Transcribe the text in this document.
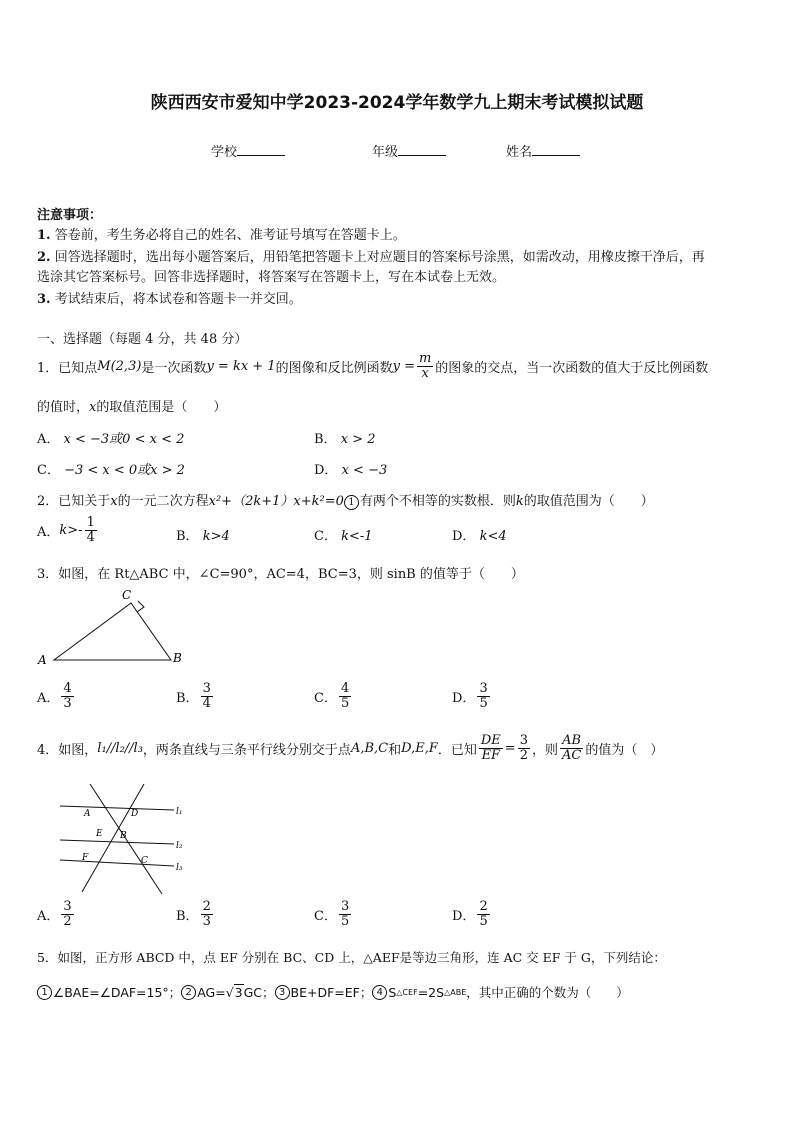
陕西西安市爱知中学2023-2024学年数学九上期末考试模拟试题
学校	年级	姓名
注意事项：
1. 答卷前，考生务必将自己的姓名、准考证号填写在答题卡上。
2. 回答选择题时，选出每小题答案后，用铅笔把答题卡上对应题目的答案标号涂黑，如需改动，用橡皮擦干净后，再
选涂其它答案标号。回答非选择题时，将答案写在答题卡上，写在本试卷上无效。
3. 考试结束后，将本试卷和答题卡一并交回。
一、选择题（每题 4 分，共 48 分）
1．已知点 M(2,3) 是一次函数 y = kx + 1 的图像和反比例函数 $y = \frac{m}{x}$ 的图象的交点，当一次函数的值大于反比例函数
的值时，x的取值范围是（　　）
A． x < −3或0 < x < 2	B． x > 2
C． −3 < x < 0或x > 2	D． x < −3
2．已知关于x的一元二次方程x²+（2k+1）x+k²=0 1 有两个不相等的实数根．则k的取值范围为（　　）
A． $k>- \frac{1}{4}$	B． k>4	C． k<-1	D． k<4
3．如图，在 Rt△ABC 中，∠C=90°，AC=4，BC=3，则 sinB 的值等于（　　）
A	B
C
A． $\frac{4}{3}$	B． $\frac{3}{4}$	C． $\frac{4}{5}$	D． $\frac{3}{5}$
4．如图， l₁//l₂//l₃ ，两条直线与三条平行线分别交于点 A,B,C 和 D,E,F ．已知 $\frac{DE}{EF} = \frac{3}{2}$ ，则 $\frac{AB}{AC}$ 的值为（　）
A	D
E B
F	C
l₁
l₂
l₃
A． $\frac{3}{2}$	B． $\frac{2}{3}$	C． $\frac{3}{5}$	D． $\frac{2}{5}$
5．如图，正方形 ABCD 中，点 EF 分别在 BC、CD 上，△AEF是等边三角形，连 AC 交 EF 于 G，下列结论：
1 ∠BAE=∠DAF=15°； 2 AG= √ 3 GC； 3 BE+DF=EF； 4 S △CEF =2S △ABE ，其中正确的个数为（　　）
